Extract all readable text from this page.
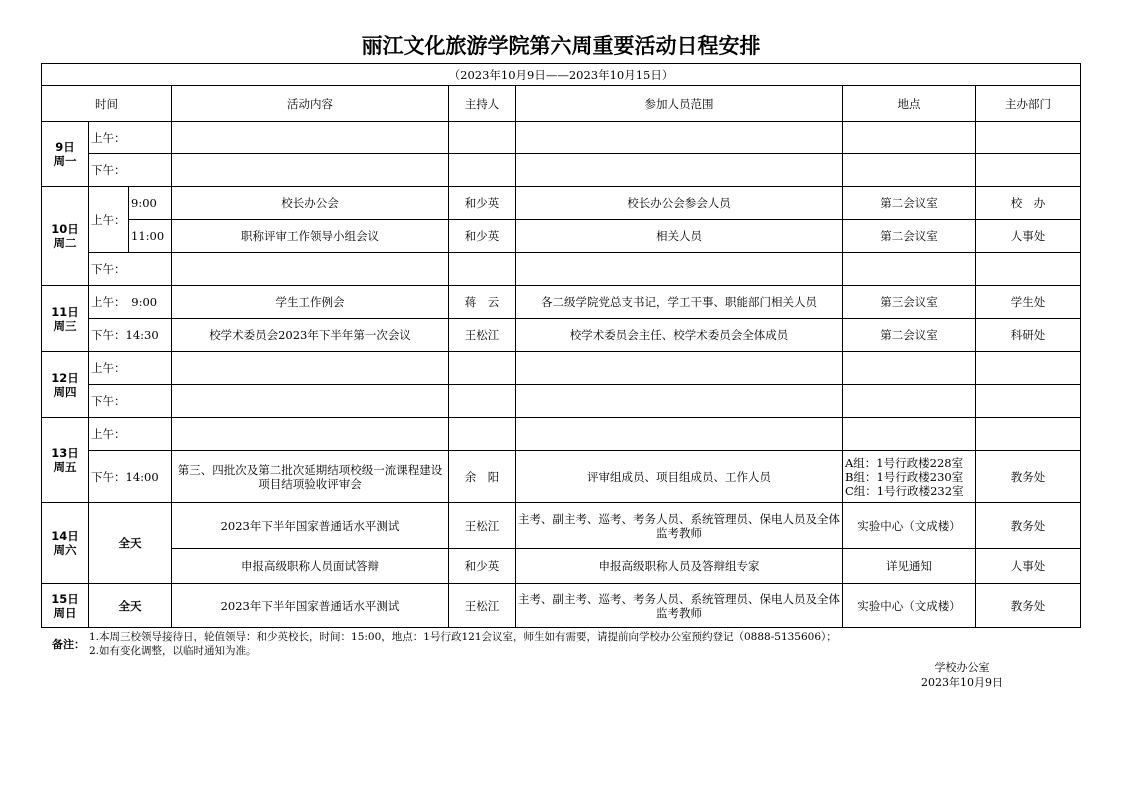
丽江文化旅游学院第六周重要活动日程安排
（2023年10月9日——2023年10月15日）							
时间			活动内容	主持人	参加人员范围	地点	主办部门

9日
周一	上午：						
	下午：						

10日
周二	上午：	9:00	校长办公会	和少英	校长办公会参会人员	第二会议室	校　办
		11:00	职称评审工作领导小组会议	和少英	相关人员	第二会议室	人事处
	下午：						

11日
周三	上午：　9:00		学生工作例会	蒋　云	各二级学院党总支书记，学工干事、职能部门相关人员	第三会议室	学生处
	下午：14:30		校学术委员会2023年下半年第一次会议	王松江	校学术委员会主任、校学术委员会全体成员	第二会议室	科研处

12日
周四	上午：						
	下午：						

13日
周五	上午：						
	下午：14:00		第三、四批次及第二批次延期结项校级一流课程建设项目结项验收评审会	余　阳	评审组成员、项目组成员、工作人员	A组：1号行政楼228室
B组：1号行政楼230室
C组：1号行政楼232室	教务处

14日
周六	全天		2023年下半年国家普通话水平测试	王松江	主考、副主考、巡考、考务人员、系统管理员、保电人员及全体监考教师	实验中心（文成楼）	教务处
			申报高级职称人员面试答辩	和少英	申报高级职称人员及答辩组专家	详见通知	人事处

15日
周日	全天		2023年下半年国家普通话水平测试	王松江	主考、副主考、巡考、考务人员、系统管理员、保电人员及全体监考教师	实验中心（文成楼）	教务处
备注：
1.本周三校领导接待日，轮值领导：和少英校长，时间：15:00，地点：1号行政121会议室，师生如有需要，请提前向学校办公室预约登记（0888-5135606）；
2.如有变化调整，以临时通知为准。
学校办公室
2023年10月9日
